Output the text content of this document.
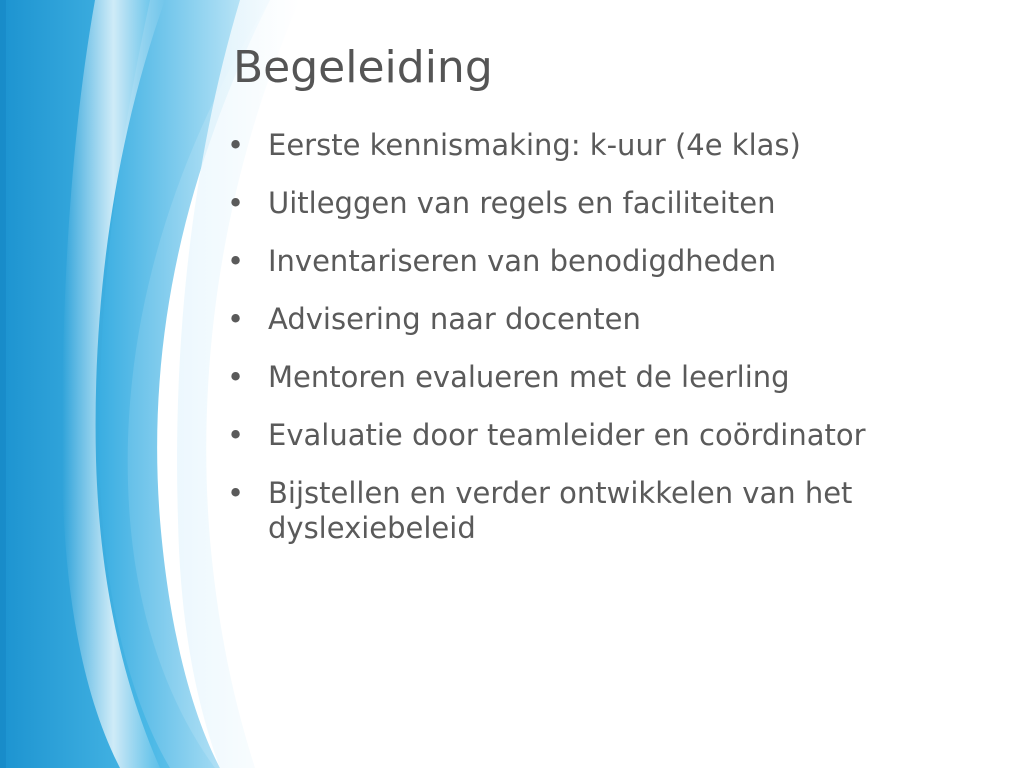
Begeleiding
• Eerste kennismaking: k-uur (4e klas)
• Uitleggen van regels en faciliteiten
• Inventariseren van benodigdheden
• Advisering naar docenten
• Mentoren evalueren met de leerling
• Evaluatie door teamleider en coördinator
• Bijstellen en verder ontwikkelen van het dyslexiebeleid
